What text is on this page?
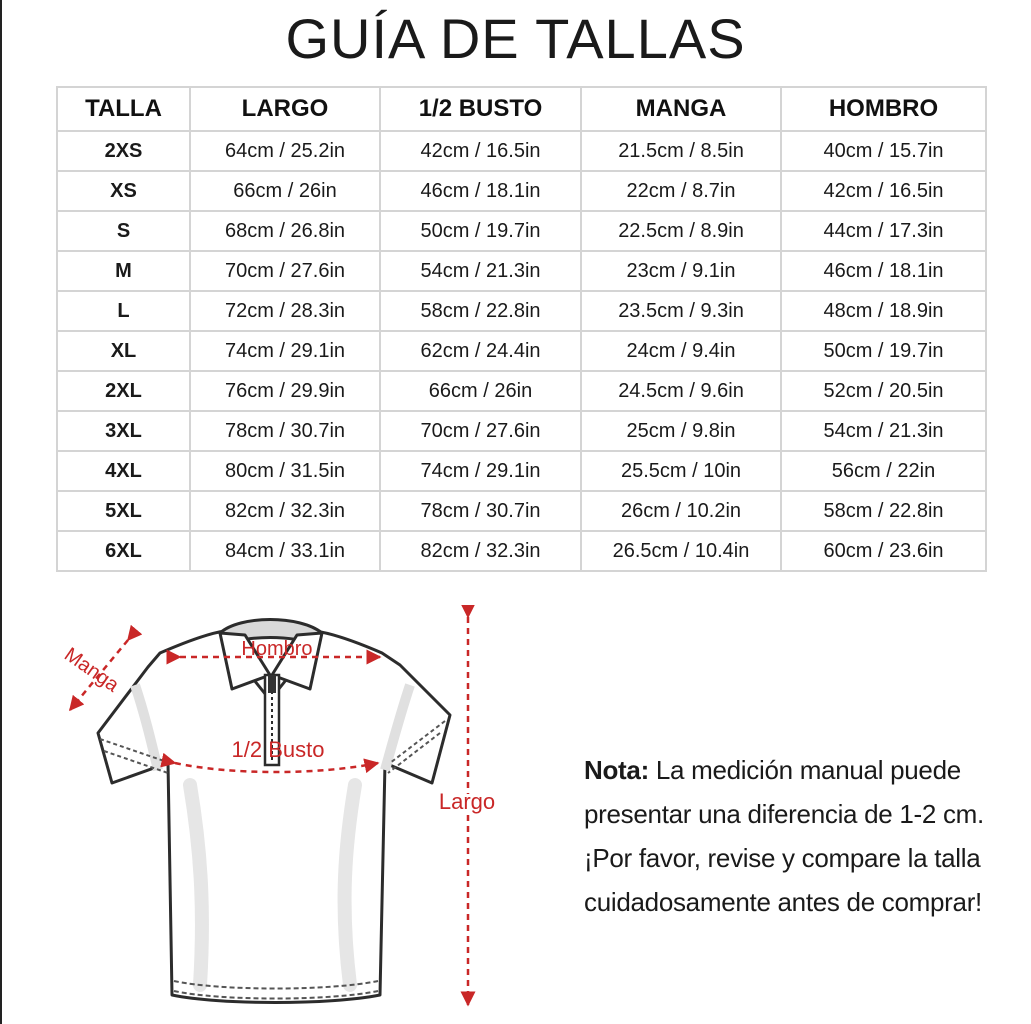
GUÍA DE TALLAS
TALLA	LARGO	1/2 BUSTO	MANGA	HOMBRO
2XS	64cm / 25.2in	42cm / 16.5in	21.5cm / 8.5in	40cm / 15.7in
XS	66cm / 26in	46cm / 18.1in	22cm / 8.7in	42cm / 16.5in
S	68cm / 26.8in	50cm / 19.7in	22.5cm / 8.9in	44cm / 17.3in
M	70cm / 27.6in	54cm / 21.3in	23cm / 9.1in	46cm / 18.1in
L	72cm / 28.3in	58cm / 22.8in	23.5cm / 9.3in	48cm / 18.9in
XL	74cm / 29.1in	62cm / 24.4in	24cm / 9.4in	50cm / 19.7in
2XL	76cm / 29.9in	66cm / 26in	24.5cm / 9.6in	52cm / 20.5in
3XL	78cm / 30.7in	70cm / 27.6in	25cm / 9.8in	54cm / 21.3in
4XL	80cm / 31.5in	74cm / 29.1in	25.5cm / 10in	56cm / 22in
5XL	82cm / 32.3in	78cm / 30.7in	26cm / 10.2in	58cm / 22.8in
6XL	84cm / 33.1in	82cm / 32.3in	26.5cm / 10.4in	60cm / 23.6in
Hombro
1/2 Busto
Manga
Largo
Nota: La medición manual puede
presentar una diferencia de 1-2 cm.
¡Por favor, revise y compare la talla
cuidadosamente antes de comprar!
